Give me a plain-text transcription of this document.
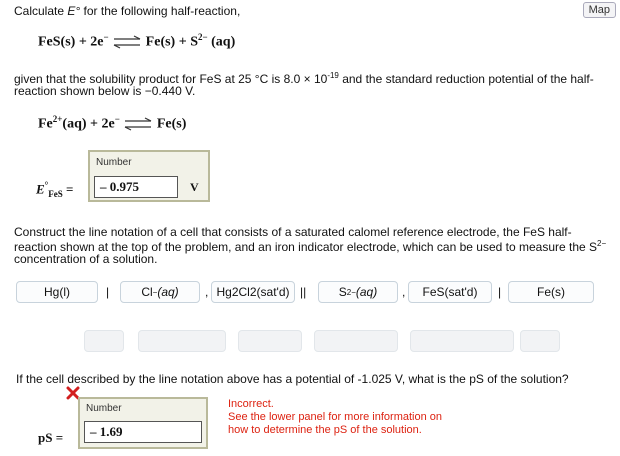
Map
Calculate E° for the following half-reaction,
FeS(s) + 2e− ⇌ $Fe(s) + S^{2-}$ (aq)
given that the solubility product for FeS at 25 °C is $8.0 \times 10^{-19}$ and the standard reduction potential of the half-reaction shown below is −0.440 V.
$Fe^{2+}(aq) + 2e^-$ ⇌ Fe(s)
$E^\circ_{FeS}$ =
Number
– 0.975	V
Construct the line notation of a cell that consists of a saturated calomel reference electrode, the FeS half-reaction shown at the top of the problem, and an iron indicator electrode, which can be used to measure the $S^{2-}$ concentration of a solution.
Hg(l)	|	Cl − (aq) , Hg2Cl2(sat'd) ||	S 2− (aq) ,	FeS(sat'd)	|	Fe(s)
If the cell described by the line notation above has a potential of -1.025 V, what is the pS of the solution?
pS =
Number
– 1.69
Incorrect.
See the lower panel for more information on
how to determine the pS of the solution.
